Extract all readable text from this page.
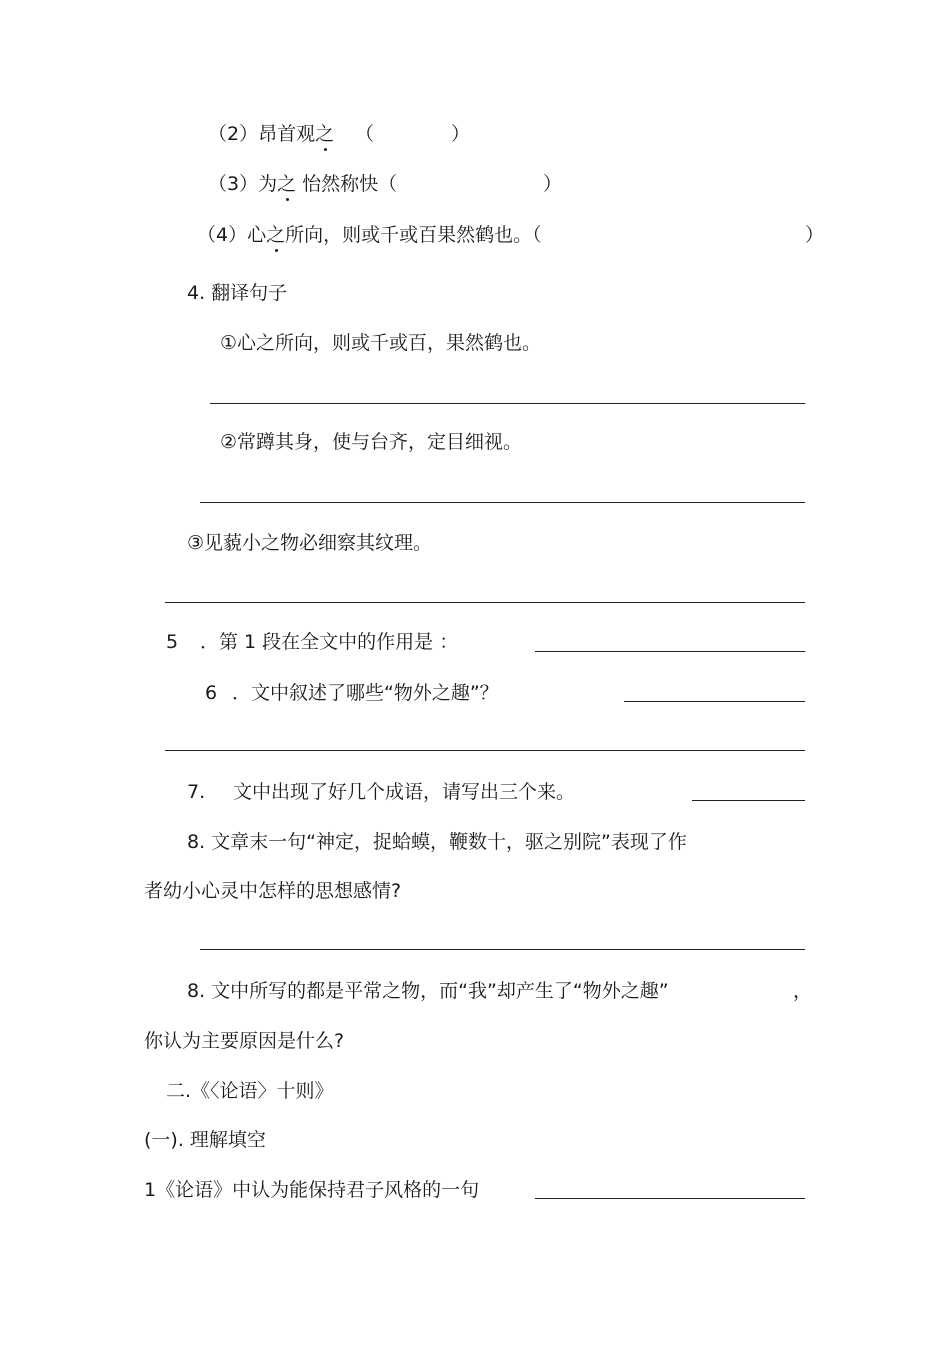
（2）昂首观之 （	）
（3）为之 怡然称快（	）
（4）心之所向，则或千或百果然鹤也。（	）
4. 翻译句子
①心之所向，则或千或百，果然鹤也。
②常蹲其身，使与台齐，定目细视。
③见藐小之物必细察其纹理。
5 ．第 1 段在全文中的作用是 ：
6 ．文中叙述了哪些“物外之趣”？
7. 文中出现了好几个成语，请写出三个来。
8. 文章末一句“神定，捉蛤蟆，鞭数十，驱之别院”表现了作
者幼小心灵中怎样的思想感情?
8. 文中所写的都是平常之物，而“我”却产生了“物外之趣”	，
你认为主要原因是什么?
二.《〈论语〉十则》
(一). 理解填空
1《论语》中认为能保持君子风格的一句
